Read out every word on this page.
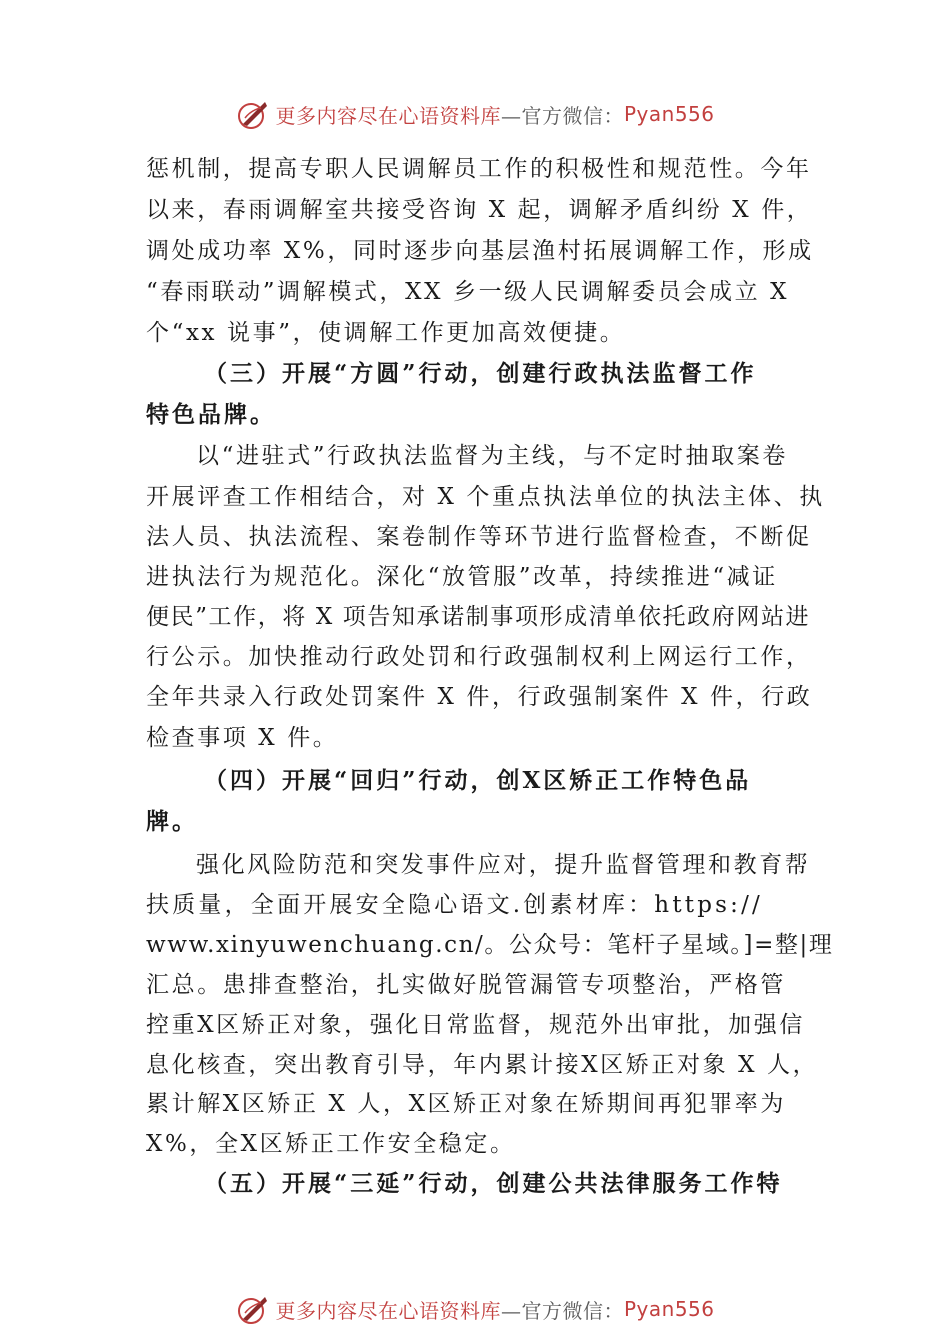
更多内容尽在心语资料库 —官方微信： Pyan556
惩机制，提高专职人民调解员工作的积极性和规范性。今年
以来，春雨调解室共接受咨询 X 起，调解矛盾纠纷 X 件，
调处成功率 X%，同时逐步向基层渔村拓展调解工作，形成
“春雨联动”调解模式，XX 乡一级人民调解委员会成立 X
个“xx 说事”，使调解工作更加高效便捷。
（三）开展“方圆”行动，创建行政执法监督工作
特色品牌。
以“进驻式”行政执法监督为主线，与不定时抽取案卷
开展评查工作相结合，对 X 个重点执法单位的执法主体、执
法人员、执法流程、案卷制作等环节进行监督检查，不断促
进执法行为规范化。深化“放管服”改革，持续推进“减证
便民”工作，将 X 项告知承诺制事项形成清单依托政府网站进
行公示。加快推动行政处罚和行政强制权利上网运行工作，
全年共录入行政处罚案件 X 件，行政强制案件 X 件，行政
检查事项 X 件。
（四）开展“回归”行动，创X区矫正工作特色品
牌。
强化风险防范和突发事件应对，提升监督管理和教育帮
扶质量，全面开展安全隐心语文.创素材库：https://
www.xinyuwenchuang.cn/。公众号：笔杆子星域。]=整|理
汇总。患排查整治，扎实做好脱管漏管专项整治，严格管
控重X区矫正对象，强化日常监督，规范外出审批，加强信
息化核查，突出教育引导，年内累计接X区矫正对象 X 人，
累计解X区矫正 X 人，X区矫正对象在矫期间再犯罪率为
X%，全X区矫正工作安全稳定。
（五）开展“三延”行动，创建公共法律服务工作特
更多内容尽在心语资料库 —官方微信： Pyan556
